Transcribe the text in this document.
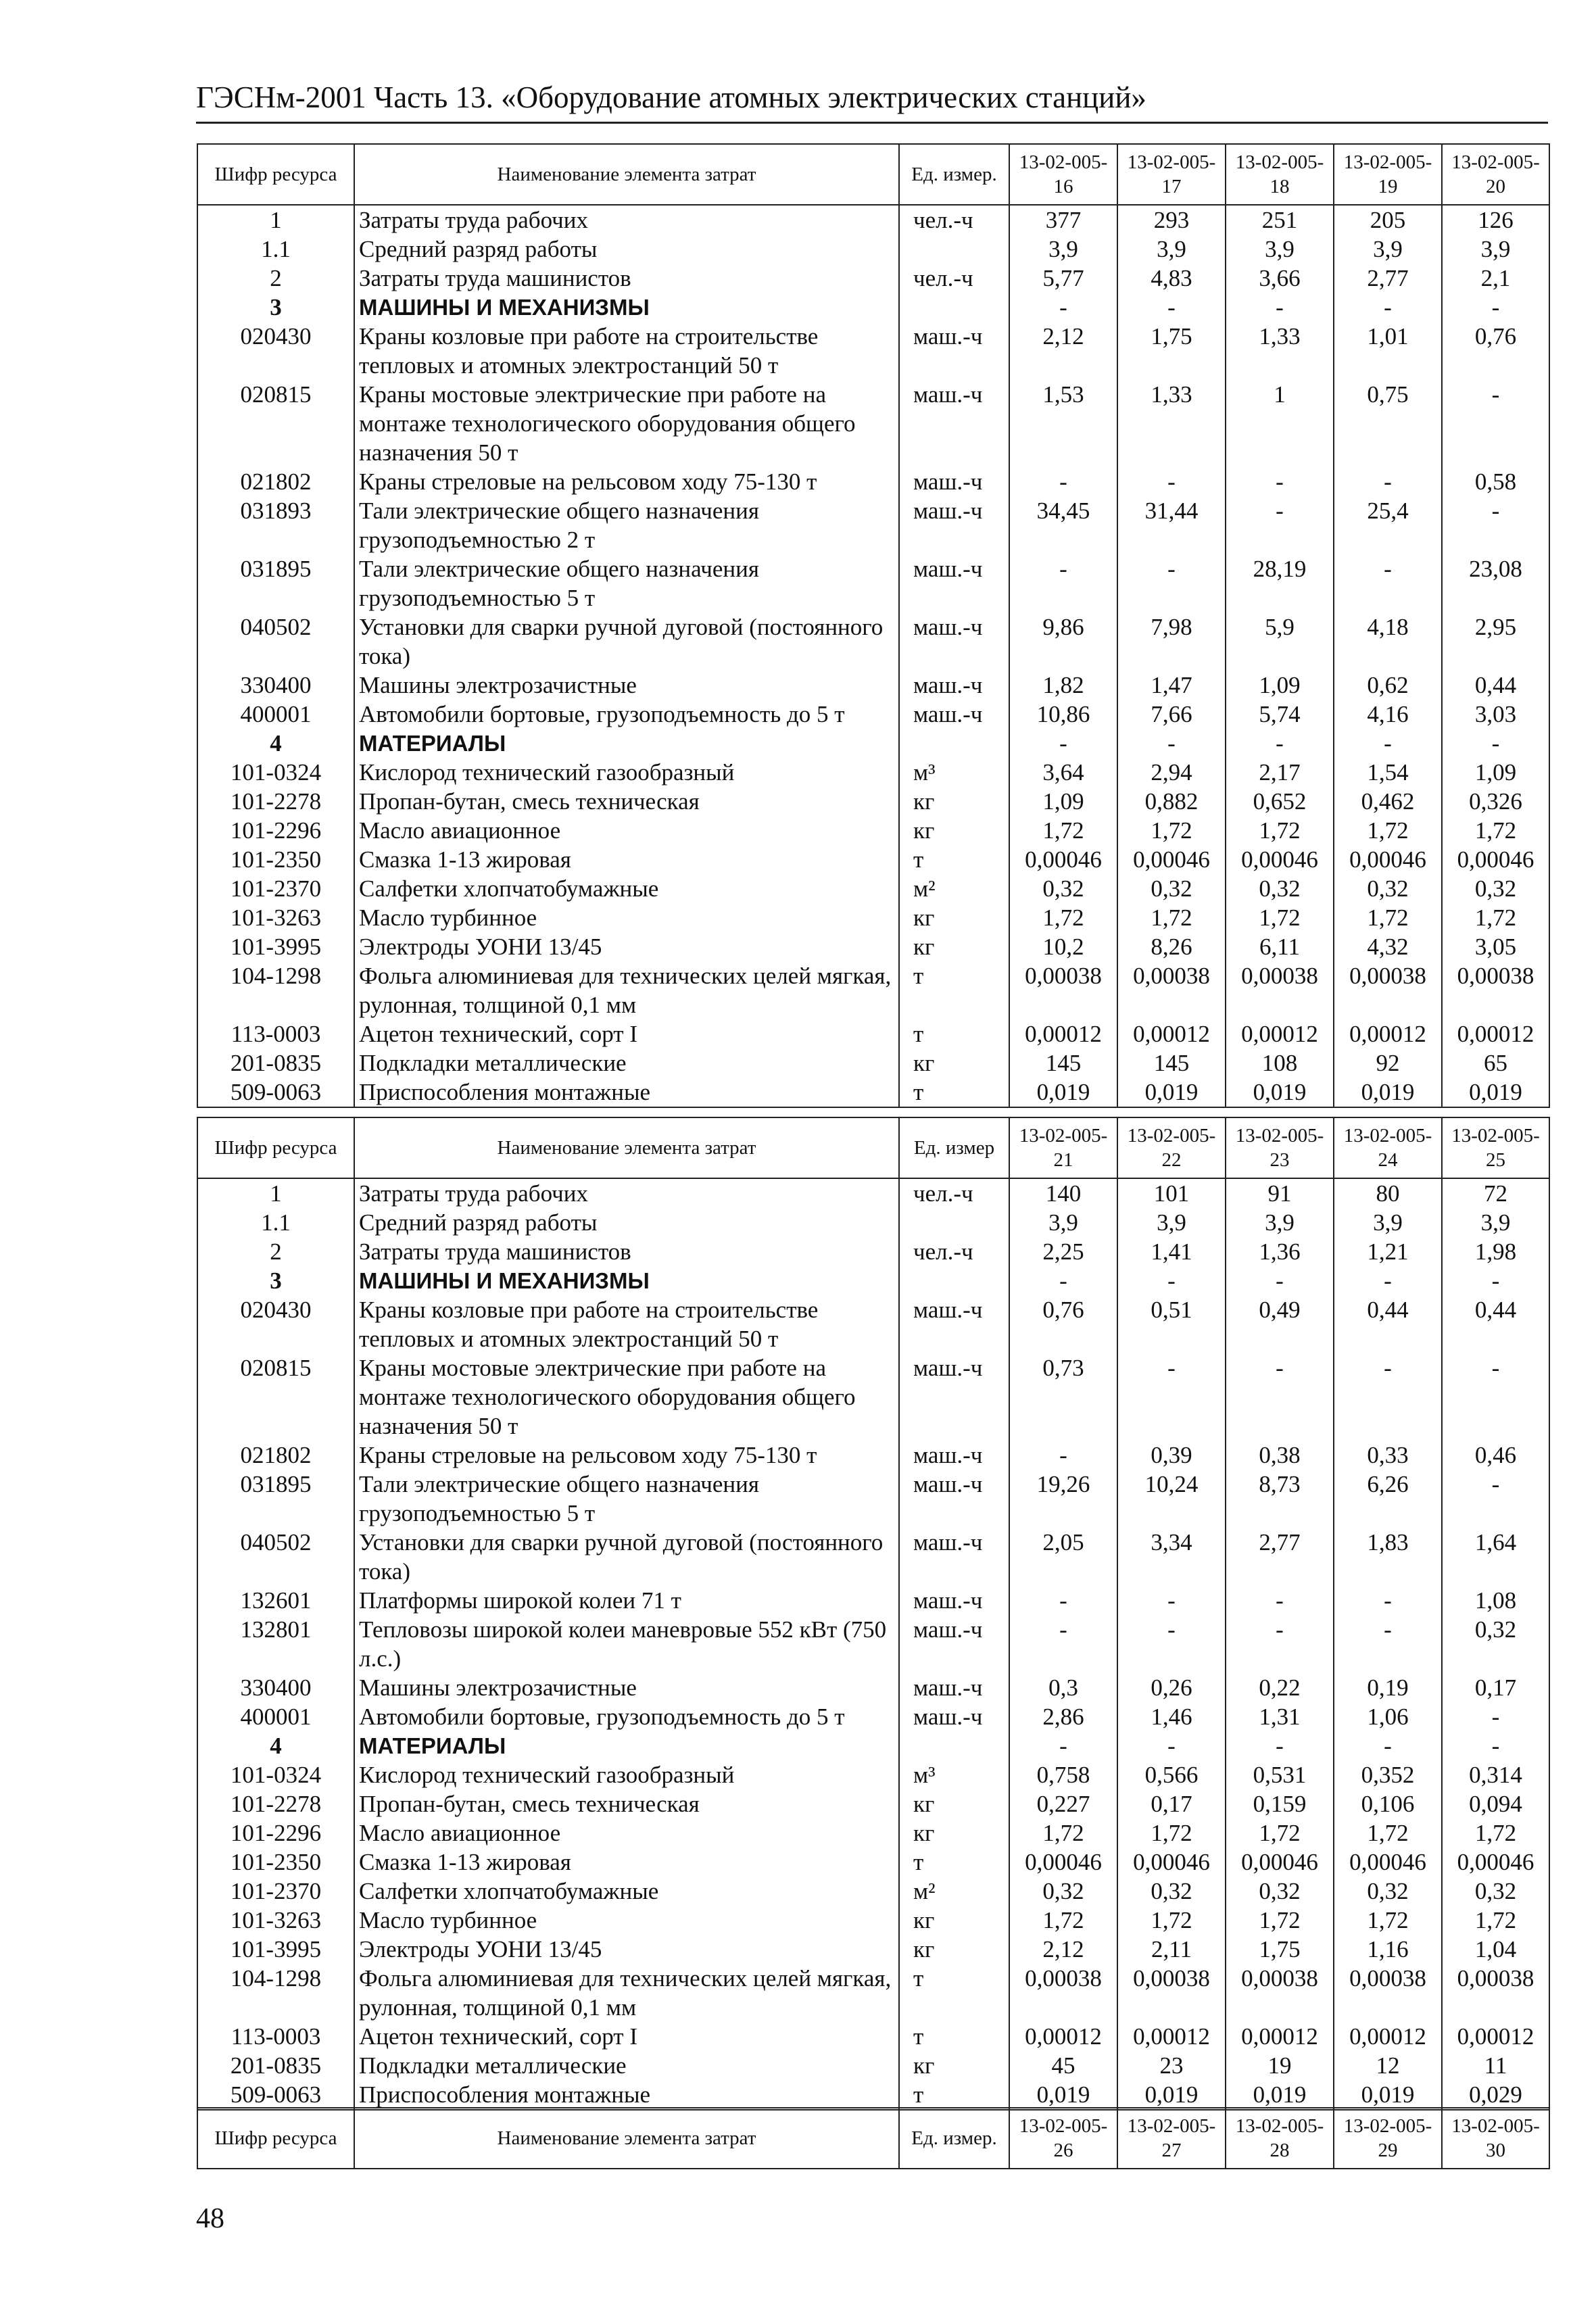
ГЭСНм-2001 Часть 13. «Оборудование атомных электрических станций»
Шифр ресурса	Наименование элемента затрат	Ед. измер.	13-02-005-16	13-02-005-17	13-02-005-18	13-02-005-19	13-02-005-20
1	Затраты труда рабочих	чел.-ч	377	293	251	205	126
1.1	Средний разряд работы		3,9	3,9	3,9	3,9	3,9
2	Затраты труда машинистов	чел.-ч	5,77	4,83	3,66	2,77	2,1
3	МАШИНЫ И МЕХАНИЗМЫ		-	-	-	-	-
020430	Краны козловые при работе на строительстве тепловых и атомных электростанций 50 т	маш.-ч	2,12	1,75	1,33	1,01	0,76
020815	Краны мостовые электрические при работе на монтаже технологического оборудования общего назначения 50 т	маш.-ч	1,53	1,33	1	0,75	-
021802	Краны стреловые на рельсовом ходу 75-130 т	маш.-ч	-	-	-	-	0,58
031893	Тали электрические общего назначения грузоподъемностью 2 т	маш.-ч	34,45	31,44	-	25,4	-
031895	Тали электрические общего назначения грузоподъемностью 5 т	маш.-ч	-	-	28,19	-	23,08
040502	Установки для сварки ручной дуговой (постоянного тока)	маш.-ч	9,86	7,98	5,9	4,18	2,95
330400	Машины электрозачистные	маш.-ч	1,82	1,47	1,09	0,62	0,44
400001	Автомобили бортовые, грузоподъемность до 5 т	маш.-ч	10,86	7,66	5,74	4,16	3,03
4	МАТЕРИАЛЫ		-	-	-	-	-
101-0324	Кислород технический газообразный	м³	3,64	2,94	2,17	1,54	1,09
101-2278	Пропан-бутан, смесь техническая	кг	1,09	0,882	0,652	0,462	0,326
101-2296	Масло авиационное	кг	1,72	1,72	1,72	1,72	1,72
101-2350	Смазка 1-13 жировая	т	0,00046	0,00046	0,00046	0,00046	0,00046
101-2370	Салфетки хлопчатобумажные	м²	0,32	0,32	0,32	0,32	0,32
101-3263	Масло турбинное	кг	1,72	1,72	1,72	1,72	1,72
101-3995	Электроды УОНИ 13/45	кг	10,2	8,26	6,11	4,32	3,05
104-1298	Фольга алюминиевая для технических целей мягкая, рулонная, толщиной 0,1 мм	т	0,00038	0,00038	0,00038	0,00038	0,00038
113-0003	Ацетон технический, сорт I	т	0,00012	0,00012	0,00012	0,00012	0,00012
201-0835	Подкладки металлические	кг	145	145	108	92	65
509-0063	Приспособления монтажные	т	0,019	0,019	0,019	0,019	0,019
Шифр ресурса	Наименование элемента затрат	Ед. измер	13-02-005-21	13-02-005-22	13-02-005-23	13-02-005-24	13-02-005-25
1	Затраты труда рабочих	чел.-ч	140	101	91	80	72
1.1	Средний разряд работы		3,9	3,9	3,9	3,9	3,9
2	Затраты труда машинистов	чел.-ч	2,25	1,41	1,36	1,21	1,98
3	МАШИНЫ И МЕХАНИЗМЫ		-	-	-	-	-
020430	Краны козловые при работе на строительстве тепловых и атомных электростанций 50 т	маш.-ч	0,76	0,51	0,49	0,44	0,44
020815	Краны мостовые электрические при работе на монтаже технологического оборудования общего назначения 50 т	маш.-ч	0,73	-	-	-	-
021802	Краны стреловые на рельсовом ходу 75-130 т	маш.-ч	-	0,39	0,38	0,33	0,46
031895	Тали электрические общего назначения грузоподъемностью 5 т	маш.-ч	19,26	10,24	8,73	6,26	-
040502	Установки для сварки ручной дуговой (постоянного тока)	маш.-ч	2,05	3,34	2,77	1,83	1,64
132601	Платформы широкой колеи 71 т	маш.-ч	-	-	-	-	1,08
132801	Тепловозы широкой колеи маневровые 552 кВт (750 л.с.)	маш.-ч	-	-	-	-	0,32
330400	Машины электрозачистные	маш.-ч	0,3	0,26	0,22	0,19	0,17
400001	Автомобили бортовые, грузоподъемность до 5 т	маш.-ч	2,86	1,46	1,31	1,06	-
4	МАТЕРИАЛЫ		-	-	-	-	-
101-0324	Кислород технический газообразный	м³	0,758	0,566	0,531	0,352	0,314
101-2278	Пропан-бутан, смесь техническая	кг	0,227	0,17	0,159	0,106	0,094
101-2296	Масло авиационное	кг	1,72	1,72	1,72	1,72	1,72
101-2350	Смазка 1-13 жировая	т	0,00046	0,00046	0,00046	0,00046	0,00046
101-2370	Салфетки хлопчатобумажные	м²	0,32	0,32	0,32	0,32	0,32
101-3263	Масло турбинное	кг	1,72	1,72	1,72	1,72	1,72
101-3995	Электроды УОНИ 13/45	кг	2,12	2,11	1,75	1,16	1,04
104-1298	Фольга алюминиевая для технических целей мягкая, рулонная, толщиной 0,1 мм	т	0,00038	0,00038	0,00038	0,00038	0,00038
113-0003	Ацетон технический, сорт I	т	0,00012	0,00012	0,00012	0,00012	0,00012
201-0835	Подкладки металлические	кг	45	23	19	12	11
509-0063	Приспособления монтажные	т	0,019	0,019	0,019	0,019	0,029
Шифр ресурса	Наименование элемента затрат	Ед. измер.	13-02-005-26	13-02-005-27	13-02-005-28	13-02-005-29	13-02-005-30
48
